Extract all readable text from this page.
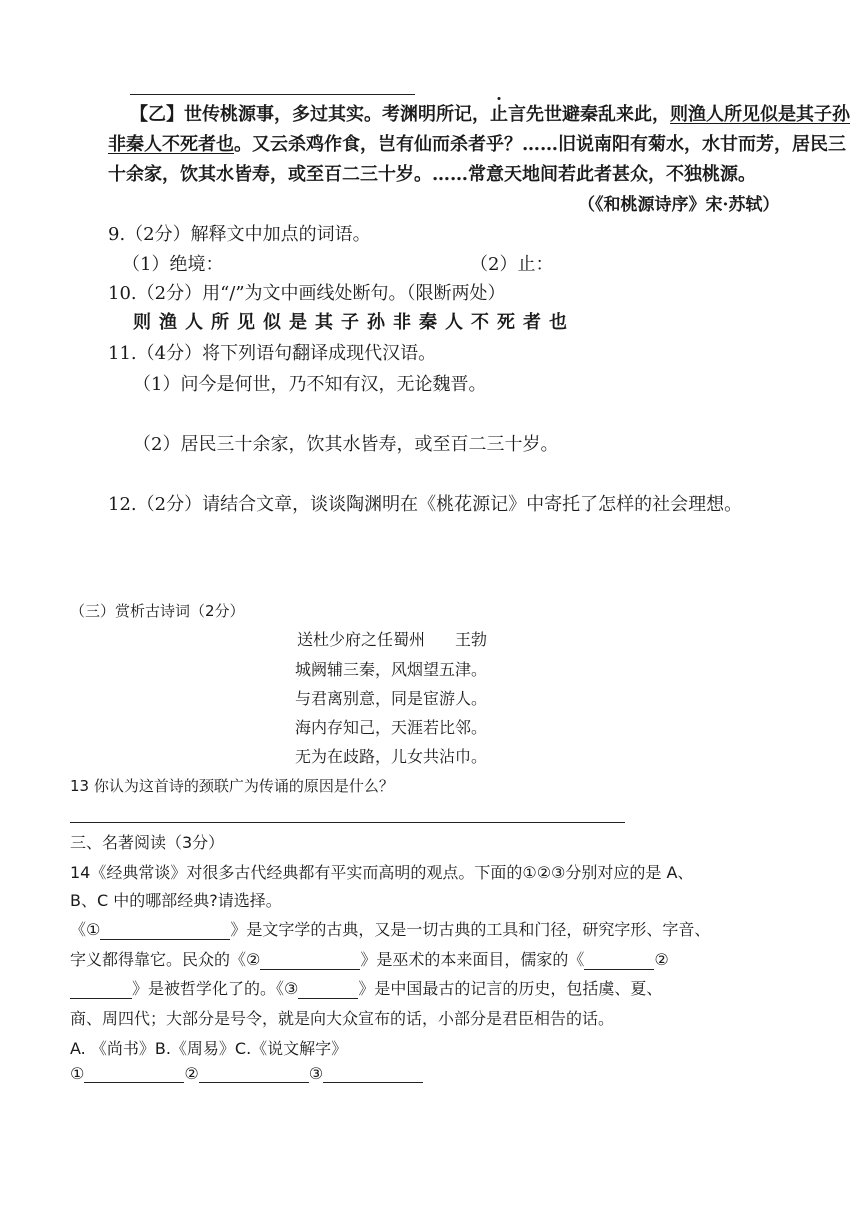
【乙】世传桃源事，多过其实。考渊明所记，止言先世避秦乱来此，则渔人所见似是其子孙
非秦人不死者也。又云杀鸡作食，岂有仙而杀者乎？……旧说南阳有菊水，水甘而芳，居民三
十余家，饮其水皆寿，或至百二三十岁。……常意天地间若此者甚众，不独桃源。
（《和桃源诗序》宋·苏轼）
9.（2分）解释文中加点的词语。
（1）绝境：	（2）止：
10.（2分）用“/”为文中画线处断句。（限断两处）
则渔人所见似是其子孙非秦人不死者也
11.（4分）将下列语句翻译成现代汉语。
（1）问今是何世，乃不知有汉，无论魏晋。
（2）居民三十余家，饮其水皆寿，或至百二三十岁。
12.（2分）请结合文章，谈谈陶渊明在《桃花源记》中寄托了怎样的社会理想。
（三）赏析古诗词（2分）
送杜少府之任蜀州 王勃
城阙辅三秦，风烟望五津。
与君离别意，同是宦游人。
海内存知己，天涯若比邻。
无为在歧路，儿女共沾巾。
13 你认为这首诗的颈联广为传诵的原因是什么？
三、名著阅读（3分）
14《经典常谈》对很多古代经典都有平实而高明的观点。下面的①②③分别对应的是 A、
B、C 中的哪部经典?请选择。
《①	》是文字学的古典，又是一切古典的工具和门径，研究字形、字音、
字义都得靠它。民众的《②	》是巫术的本来面目，儒家的《	②
》是被哲学化了的。《③	》是中国最古的记言的历史，包括虞、夏、
商、周四代；大部分是号令，就是向大众宣布的话，小部分是君臣相告的话。
A. 《尚书》B.《周易》C.《说文解字》
①	②	③
